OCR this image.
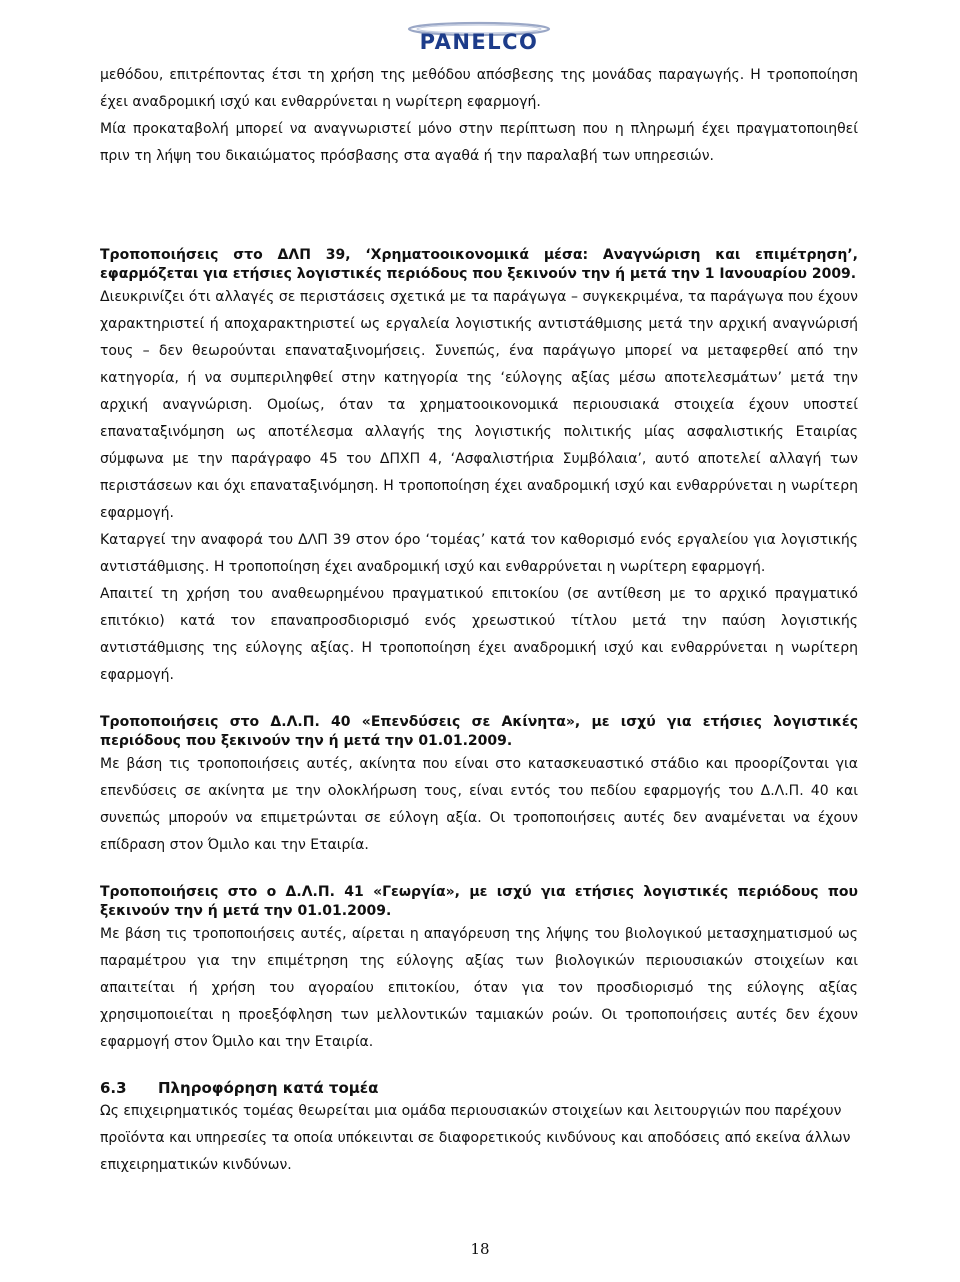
PANELCO

μεθόδου, επιτρέποντας έτσι τη χρήση της μεθόδου απόσβεσης της μονάδας παραγωγής. Η τροποποίηση έχει αναδρομική ισχύ και ενθαρρύνεται η νωρίτερη εφαρμογή.

Μία προκαταβολή μπορεί να αναγνωριστεί μόνο στην περίπτωση που η πληρωμή έχει πραγματοποιηθεί πριν τη λήψη του δικαιώματος πρόσβασης στα αγαθά ή την παραλαβή των υπηρεσιών.

Τροποποιήσεις στο ΔΛΠ 39, ‘Χρηματοοικονομικά μέσα: Αναγνώριση και επιμέτρηση’, εφαρμόζεται για ετήσιες λογιστικές περιόδους που ξεκινούν την ή μετά την 1 Ιανουαρίου 2009.

Διευκρινίζει ότι αλλαγές σε περιστάσεις σχετικά με τα παράγωγα – συγκεκριμένα, τα παράγωγα που έχουν χαρακτηριστεί ή αποχαρακτηριστεί ως εργαλεία λογιστικής αντιστάθμισης μετά την αρχική αναγνώρισή τους – δεν θεωρούνται επαναταξινομήσεις. Συνεπώς, ένα παράγωγο μπορεί να μεταφερθεί από την κατηγορία, ή να συμπεριληφθεί στην κατηγορία της ‘εύλογης αξίας μέσω αποτελεσμάτων’ μετά την αρχική αναγνώριση. Ομοίως, όταν τα χρηματοοικονομικά περιουσιακά στοιχεία έχουν υποστεί επαναταξινόμηση ως αποτέλεσμα αλλαγής της λογιστικής πολιτικής μίας ασφαλιστικής Εταιρίας σύμφωνα με την παράγραφο 45 του ΔΠΧΠ 4, ‘Ασφαλιστήρια Συμβόλαια’, αυτό αποτελεί αλλαγή των περιστάσεων και όχι επαναταξινόμηση. Η τροποποίηση έχει αναδρομική ισχύ και ενθαρρύνεται η νωρίτερη εφαρμογή.

Καταργεί την αναφορά του ΔΛΠ 39 στον όρο ‘τομέας’ κατά τον καθορισμό ενός εργαλείου για λογιστικής αντιστάθμισης. Η τροποποίηση έχει αναδρομική ισχύ και ενθαρρύνεται η νωρίτερη εφαρμογή.

Απαιτεί τη χρήση του αναθεωρημένου πραγματικού επιτοκίου (σε αντίθεση με το αρχικό πραγματικό επιτόκιο) κατά τον επαναπροσδιορισμό ενός χρεωστικού τίτλου μετά την παύση λογιστικής αντιστάθμισης της εύλογης αξίας. Η τροποποίηση έχει αναδρομική ισχύ και ενθαρρύνεται η νωρίτερη εφαρμογή.

Τροποποιήσεις στο Δ.Λ.Π. 40 «Επενδύσεις σε Ακίνητα», με ισχύ για ετήσιες λογιστικές περιόδους που ξεκινούν την ή μετά την 01.01.2009.

Με βάση τις τροποποιήσεις αυτές, ακίνητα που είναι στο κατασκευαστικό στάδιο και προορίζονται για επενδύσεις σε ακίνητα με την ολοκλήρωση τους, είναι εντός του πεδίου εφαρμογής του Δ.Λ.Π. 40 και συνεπώς μπορούν να επιμετρώνται σε εύλογη αξία. Οι τροποποιήσεις αυτές δεν αναμένεται να έχουν επίδραση στον Όμιλο και την Εταιρία.

Τροποποιήσεις στο ο Δ.Λ.Π. 41 «Γεωργία», με ισχύ για ετήσιες λογιστικές περιόδους που ξεκινούν την ή μετά την 01.01.2009.

Με βάση τις τροποποιήσεις αυτές, αίρεται η απαγόρευση της λήψης του βιολογικού μετασχηματισμού ως παραμέτρου για την επιμέτρηση της εύλογης αξίας των βιολογικών περιουσιακών στοιχείων και απαιτείται ή χρήση του αγοραίου επιτοκίου, όταν για τον προσδιορισμό της εύλογης αξίας χρησιμοποιείται η προεξόφληση των μελλοντικών ταμιακών ροών. Οι τροποποιήσεις αυτές δεν έχουν εφαρμογή στον Όμιλο και την Εταιρία.

6.3 Πληροφόρηση κατά τομέα

Ως επιχειρηματικός τομέας θεωρείται μια ομάδα περιουσιακών στοιχείων και λειτουργιών που παρέχουν προϊόντα και υπηρεσίες τα οποία υπόκεινται σε διαφορετικούς κινδύνους και αποδόσεις από εκείνα άλλων επιχειρηματικών κινδύνων.

18
